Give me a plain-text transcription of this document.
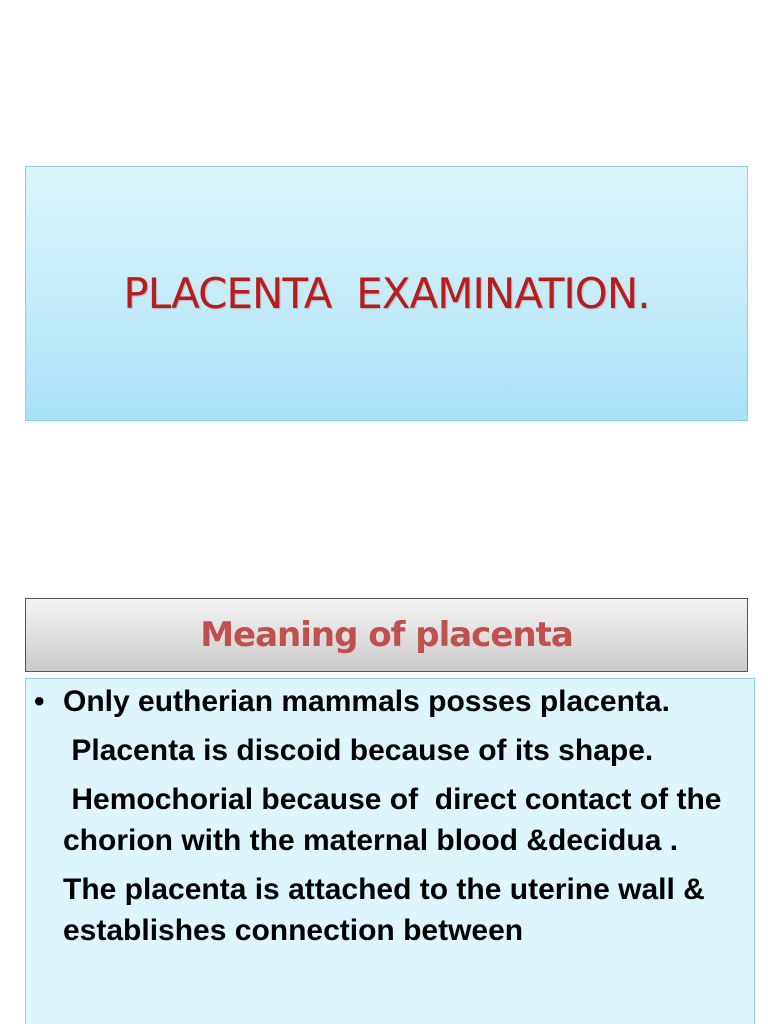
PLACENTA  EXAMINATION.
Meaning of placenta
• Only eutherian mammals posses placenta.
Placenta is discoid because of its shape.
Hemochorial because of  direct contact of the chorion with the maternal blood &decidua .
The placenta is attached to the uterine wall & establishes connection between
